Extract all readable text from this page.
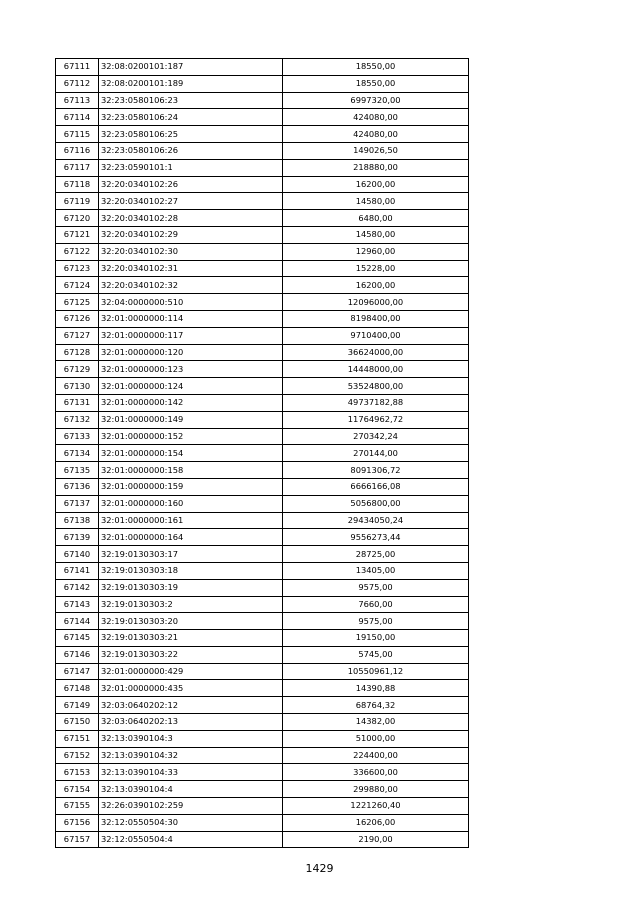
67111	32:08:0200101:187	18550,00
67112	32:08:0200101:189	18550,00
67113	32:23:0580106:23	6997320,00
67114	32:23:0580106:24	424080,00
67115	32:23:0580106:25	424080,00
67116	32:23:0580106:26	149026,50
67117	32:23:0590101:1	218880,00
67118	32:20:0340102:26	16200,00
67119	32:20:0340102:27	14580,00
67120	32:20:0340102:28	6480,00
67121	32:20:0340102:29	14580,00
67122	32:20:0340102:30	12960,00
67123	32:20:0340102:31	15228,00
67124	32:20:0340102:32	16200,00
67125	32:04:0000000:510	12096000,00
67126	32:01:0000000:114	8198400,00
67127	32:01:0000000:117	9710400,00
67128	32:01:0000000:120	36624000,00
67129	32:01:0000000:123	14448000,00
67130	32:01:0000000:124	53524800,00
67131	32:01:0000000:142	49737182,88
67132	32:01:0000000:149	11764962,72
67133	32:01:0000000:152	270342,24
67134	32:01:0000000:154	270144,00
67135	32:01:0000000:158	8091306,72
67136	32:01:0000000:159	6666166,08
67137	32:01:0000000:160	5056800,00
67138	32:01:0000000:161	29434050,24
67139	32:01:0000000:164	9556273,44
67140	32:19:0130303:17	28725,00
67141	32:19:0130303:18	13405,00
67142	32:19:0130303:19	9575,00
67143	32:19:0130303:2	7660,00
67144	32:19:0130303:20	9575,00
67145	32:19:0130303:21	19150,00
67146	32:19:0130303:22	5745,00
67147	32:01:0000000:429	10550961,12
67148	32:01:0000000:435	14390,88
67149	32:03:0640202:12	68764,32
67150	32:03:0640202:13	14382,00
67151	32:13:0390104:3	51000,00
67152	32:13:0390104:32	224400,00
67153	32:13:0390104:33	336600,00
67154	32:13:0390104:4	299880,00
67155	32:26:0390102:259	1221260,40
67156	32:12:0550504:30	16206,00
67157	32:12:0550504:4	2190,00
1429
